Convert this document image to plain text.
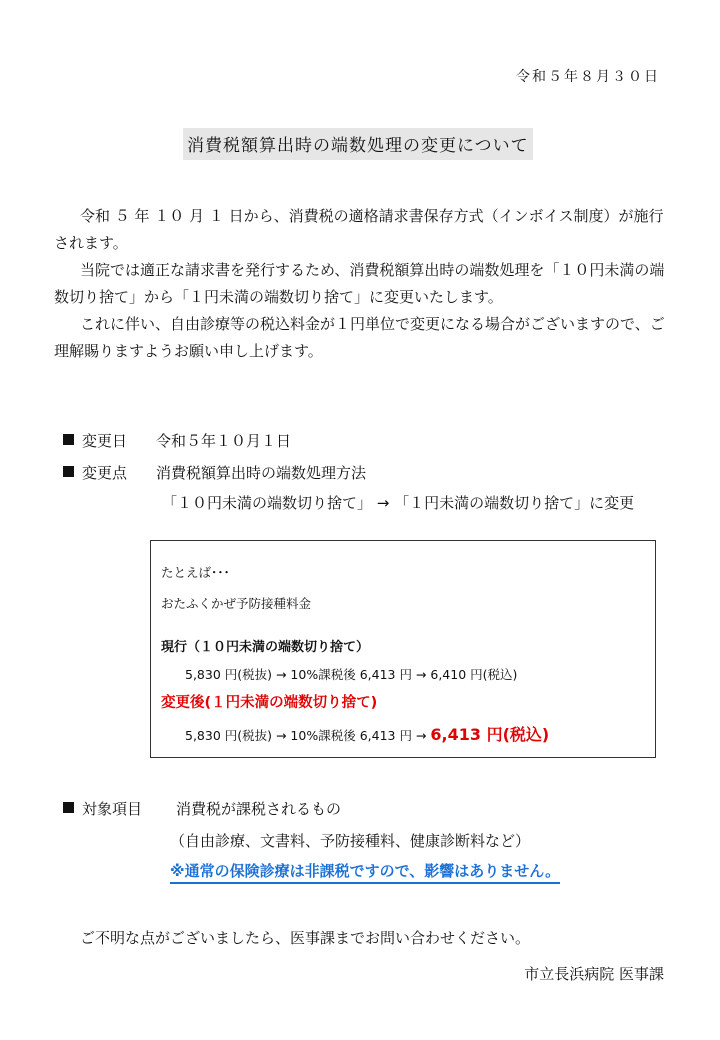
令和５年８月３０日
消費税額算出時の端数処理の変更について
令和 ５ 年 １０ 月 １ 日から、消費税の適格請求書保存方式（インボイス制度）が施行されます。
当院では適正な請求書を発行するため、消費税額算出時の端数処理を「１０円未満の端数切り捨て」から「１円未満の端数切り捨て」に変更いたします。
これに伴い、自由診療等の税込料金が１円単位で変更になる場合がございますので、ご理解賜りますようお願い申し上げます。
変更日 令和５年１０月１日
変更点 消費税額算出時の端数処理方法
「１０円未満の端数切り捨て」 → 「１円未満の端数切り捨て」に変更
たとえば･･･
おたふくかぜ予防接種料金
現行（１０円未満の端数切り捨て）
5,830 円(税抜) → 10%課税後 6,413 円 → 6,410 円(税込)
変更後(１円未満の端数切り捨て)
5,830 円(税抜) → 10%課税後 6,413 円 → 6,413 円(税込)
対象項目 消費税が課税されるもの
（自由診療、文書料、予防接種料、健康診断料など）
※通常の保険診療は非課税ですので、影響はありません。
ご不明な点がございましたら、医事課までお問い合わせください。
市立長浜病院 医事課
